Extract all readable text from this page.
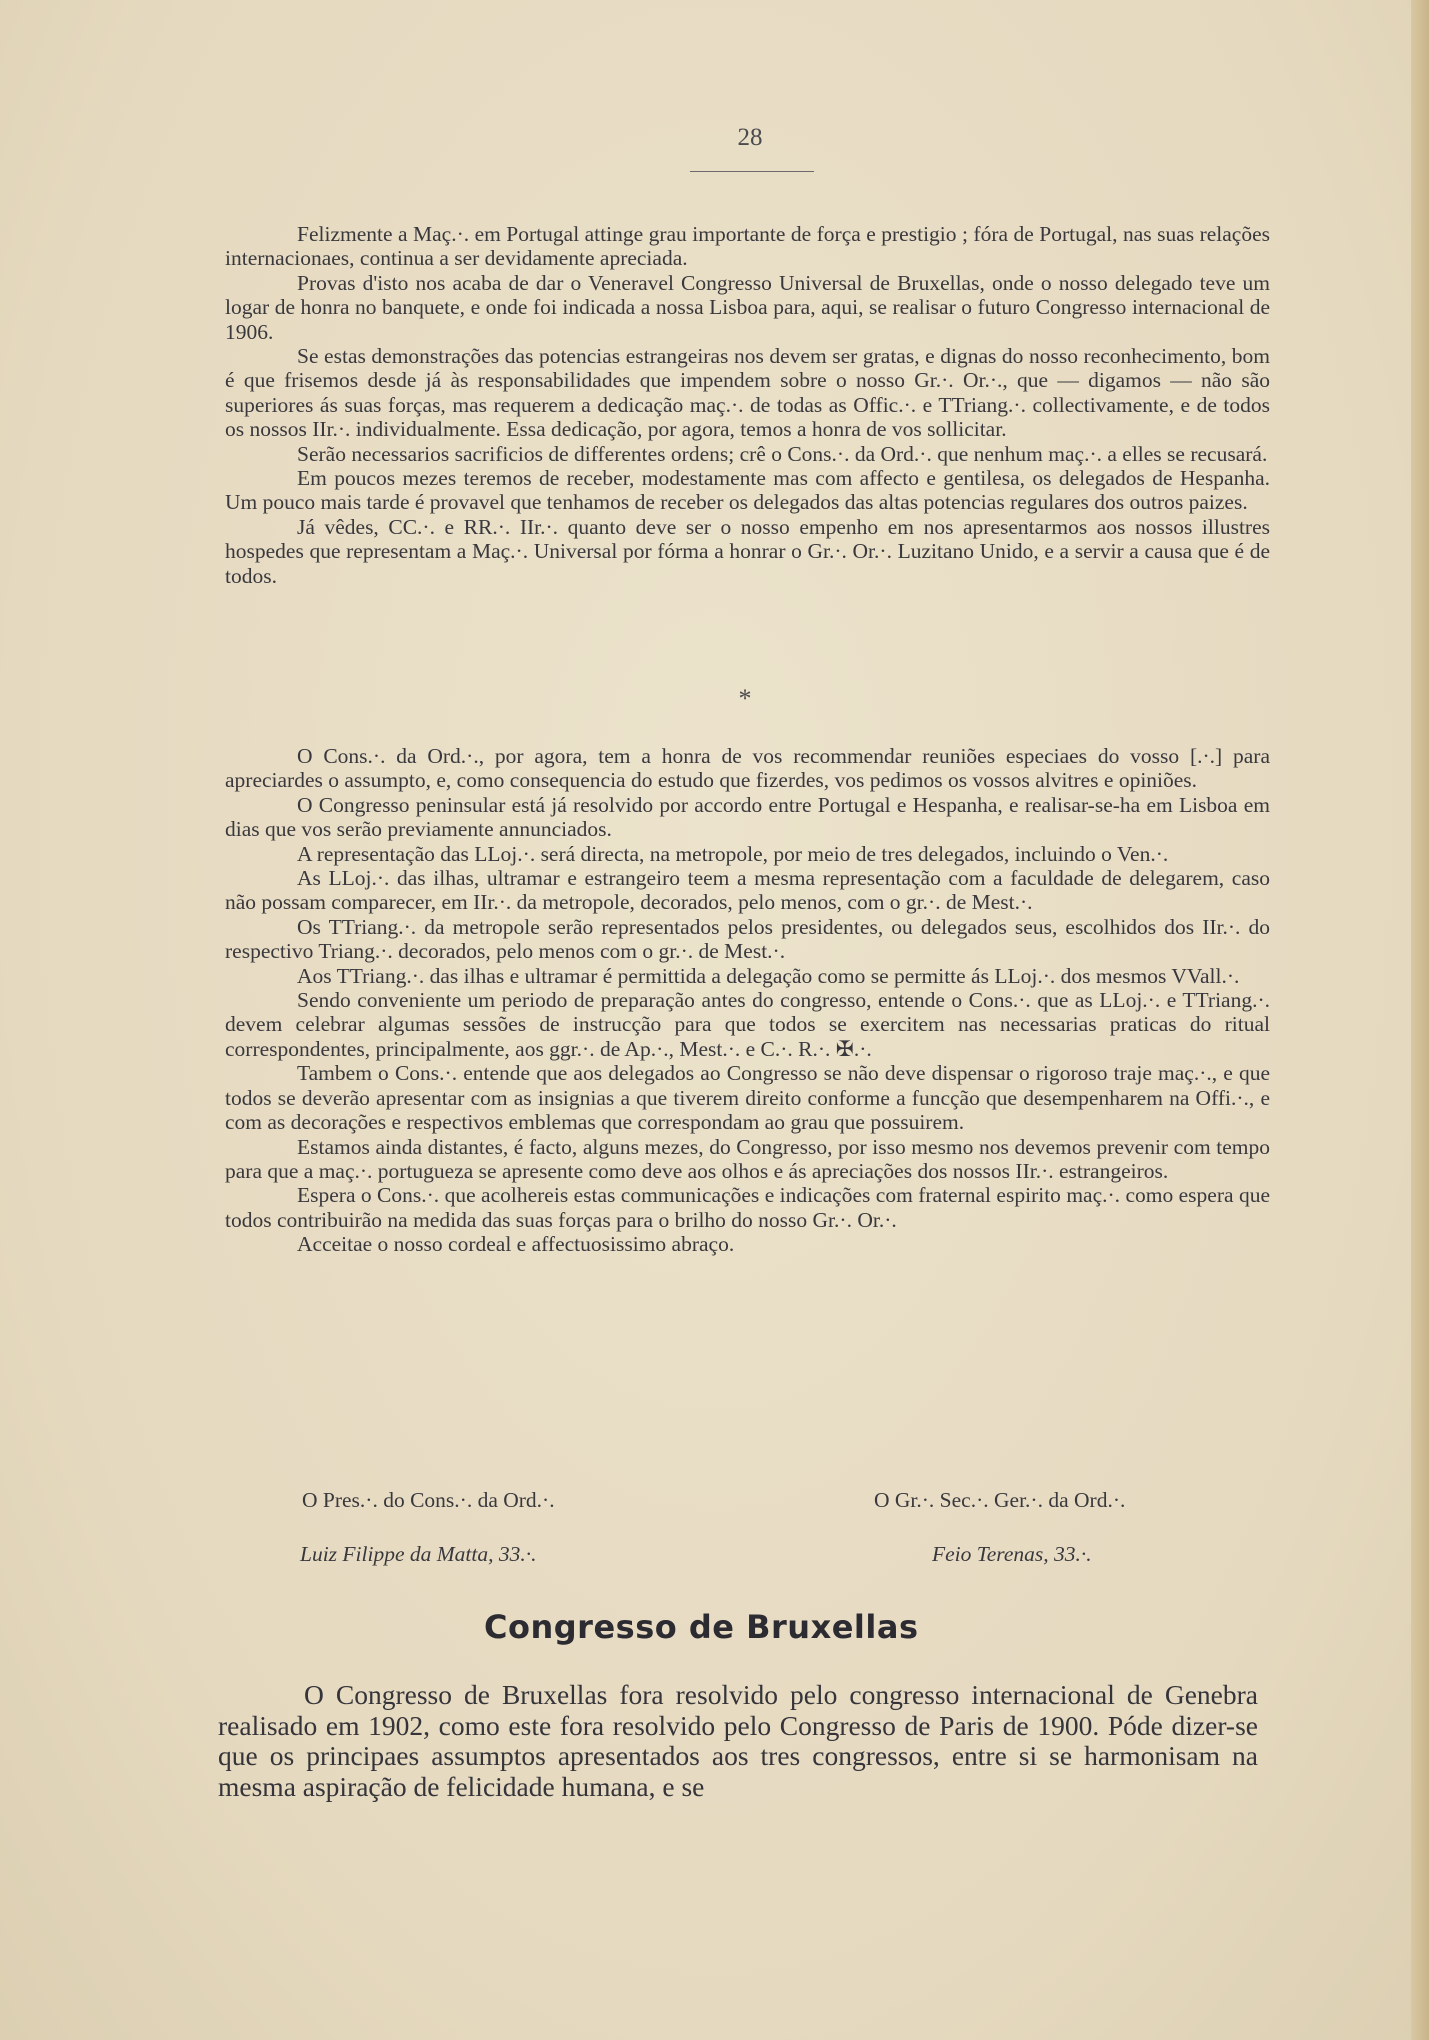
28

Felizmente a Maç.·. em Portugal attinge grau importante de força e prestigio ; fóra de Portugal, nas suas relações internacionaes, continua a ser devidamente apreciada.

Provas d'isto nos acaba de dar o Veneravel Congresso Universal de Bruxellas, onde o nosso delegado teve um logar de honra no banquete, e onde foi indicada a nossa Lisboa para, aqui, se realisar o futuro Congresso internacional de 1906.

Se estas demonstrações das potencias estrangeiras nos devem ser gratas, e dignas do nosso reconhecimento, bom é que frisemos desde já às responsabilidades que impendem sobre o nosso Gr.·. Or.·., que — digamos — não são superiores ás suas forças, mas requerem a dedicação maç.·. de todas as Offic.·. e TTriang.·. collectivamente, e de todos os nossos IIr.·. individualmente. Essa dedicação, por agora, temos a honra de vos sollicitar.

Serão necessarios sacrificios de differentes ordens; crê o Cons.·. da Ord.·. que nenhum maç.·. a elles se recusará.

Em poucos mezes teremos de receber, modestamente mas com affecto e gentilesa, os delegados de Hespanha. Um pouco mais tarde é provavel que tenhamos de receber os delegados das altas potencias regulares dos outros paizes.

Já vêdes, CC.·. e RR.·. IIr.·. quanto deve ser o nosso empenho em nos apresentarmos aos nossos illustres hospedes que representam a Maç.·. Universal por fórma a honrar o Gr.·. Or.·. Luzitano Unido, e a servir a causa que é de todos.

*

O Cons.·. da Ord.·., por agora, tem a honra de vos recommendar reuniões especiaes do vosso [.·.] para apreciardes o assumpto, e, como consequencia do estudo que fizerdes, vos pedimos os vossos alvitres e opiniões.

O Congresso peninsular está já resolvido por accordo entre Portugal e Hespanha, e realisar-se-ha em Lisboa em dias que vos serão previamente annunciados.

A representação das LLoj.·. será directa, na metropole, por meio de tres delegados, incluindo o Ven.·.

As LLoj.·. das ilhas, ultramar e estrangeiro teem a mesma representação com a faculdade de delegarem, caso não possam comparecer, em IIr.·. da metropole, decorados, pelo menos, com o gr.·. de Mest.·.

Os TTriang.·. da metropole serão representados pelos presidentes, ou delegados seus, escolhidos dos IIr.·. do respectivo Triang.·. decorados, pelo menos com o gr.·. de Mest.·.

Aos TTriang.·. das ilhas e ultramar é permittida a delegação como se permitte ás LLoj.·. dos mesmos VVall.·.

Sendo conveniente um periodo de preparação antes do congresso, entende o Cons.·. que as LLoj.·. e TTriang.·. devem celebrar algumas sessões de instrucção para que todos se exercitem nas necessarias praticas do ritual correspondentes, principalmente, aos ggr.·. de Ap.·., Mest.·. e C.·. R.·. ✠.·.

Tambem o Cons.·. entende que aos delegados ao Congresso se não deve dispensar o rigoroso traje maç.·., e que todos se deverão apresentar com as insignias a que tiverem direito conforme a funcção que desempenharem na Offi.·., e com as decorações e respectivos emblemas que correspondam ao grau que possuirem.

Estamos ainda distantes, é facto, alguns mezes, do Congresso, por isso mesmo nos devemos prevenir com tempo para que a maç.·. portugueza se apresente como deve aos olhos e ás apreciações dos nossos IIr.·. estrangeiros.

Espera o Cons.·. que acolhereis estas communicações e indicações com fraternal espirito maç.·. como espera que todos contribuirão na medida das suas forças para o brilho do nosso Gr.·. Or.·.

Acceitae o nosso cordeal e affectuosissimo abraço.

O Pres.·. do Cons.·. da Ord.·.	O Gr.·. Sec.·. Ger.·. da Ord.·.
Luiz Filippe da Matta, 33.·.	Feio Terenas, 33.·.
Congresso de Bruxellas

O Congresso de Bruxellas fora resolvido pelo congresso internacional de Genebra realisado em 1902, como este fora resolvido pelo Congresso de Paris de 1900. Póde dizer-se que os principaes assumptos apresentados aos tres congressos, entre si se harmonisam na mesma aspiração de felicidade humana, e se
